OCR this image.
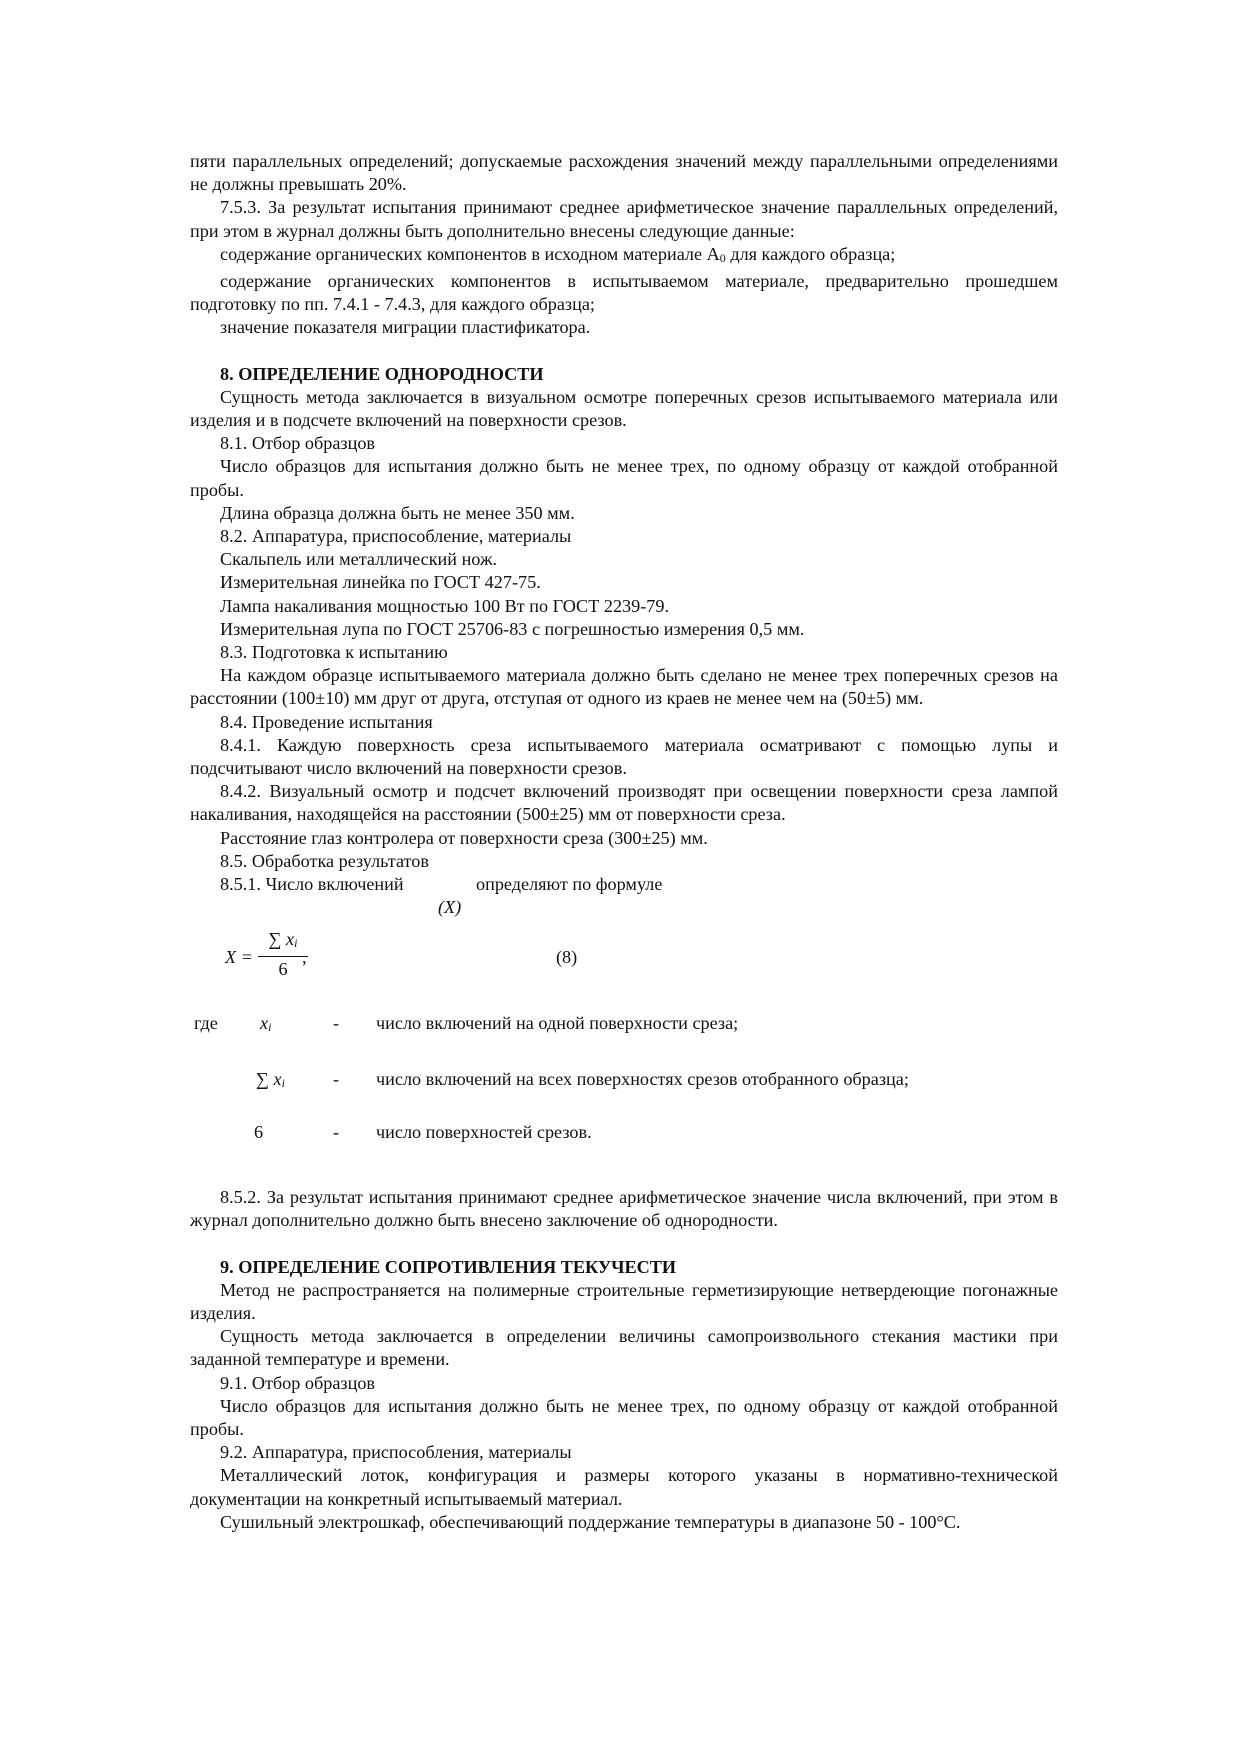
пяти параллельных определений; допускаемые расхождения значений между параллельными определениями не должны превышать 20%.

7.5.3. За результат испытания принимают среднее арифметическое значение параллельных определений, при этом в журнал должны быть дополнительно внесены следующие данные:

содержание органических компонентов в исходном материале $А_0$ для каждого образца;

содержание органических компонентов в испытываемом материале, предварительно прошедшем подготовку по пп. 7.4.1 - 7.4.3, для каждого образца;

значение показателя миграции пластификатора.

8. ОПРЕДЕЛЕНИЕ ОДНОРОДНОСТИ

Сущность метода заключается в визуальном осмотре поперечных срезов испытываемого материала или изделия и в подсчете включений на поверхности срезов.

8.1. Отбор образцов

Число образцов для испытания должно быть не менее трех, по одному образцу от каждой отобранной пробы.

Длина образца должна быть не менее 350 мм.

8.2. Аппаратура, приспособление, материалы

Скальпель или металлический нож.

Измерительная линейка по ГОСТ 427-75.

Лампа накаливания мощностью 100 Вт по ГОСТ 2239-79.

Измерительная лупа по ГОСТ 25706-83 с погрешностью измерения 0,5 мм.

8.3. Подготовка к испытанию

На каждом образце испытываемого материала должно быть сделано не менее трех поперечных срезов на расстоянии (100±10) мм друг от друга, отступая от одного из краев не менее чем на (50±5) мм.

8.4. Проведение испытания

8.4.1. Каждую поверхность среза испытываемого материала осматривают с помощью лупы и подсчитывают число включений на поверхности срезов.

8.4.2. Визуальный осмотр и подсчет включений производят при освещении поверхности среза лампой накаливания, находящейся на расстоянии (500±25) мм от поверхности среза.

Расстояние глаз контролера от поверхности среза (300±25) мм.

8.5. Обработка результатов

8.5.1. Число включений	определяют по формуле
(X)
$X = \frac{\sum x_i}{6}$
,	(8)
где $x_i$	- число включений на одной поверхности среза;
∑ $x_i$	- число включений на всех поверхностях срезов отобранного образца;
6	- число поверхностей срезов.

8.5.2. За результат испытания принимают среднее арифметическое значение числа включений, при этом в журнал дополнительно должно быть внесено заключение об однородности.

9. ОПРЕДЕЛЕНИЕ СОПРОТИВЛЕНИЯ ТЕКУЧЕСТИ

Метод не распространяется на полимерные строительные герметизирующие нетвердеющие погонажные изделия.

Сущность метода заключается в определении величины самопроизвольного стекания мастики при заданной температуре и времени.

9.1. Отбор образцов

Число образцов для испытания должно быть не менее трех, по одному образцу от каждой отобранной пробы.

9.2. Аппаратура, приспособления, материалы

Металлический лоток, конфигурация и размеры которого указаны в нормативно-технической документации на конкретный испытываемый материал.

Сушильный электрошкаф, обеспечивающий поддержание температуры в диапазоне 50 - 100°С.
